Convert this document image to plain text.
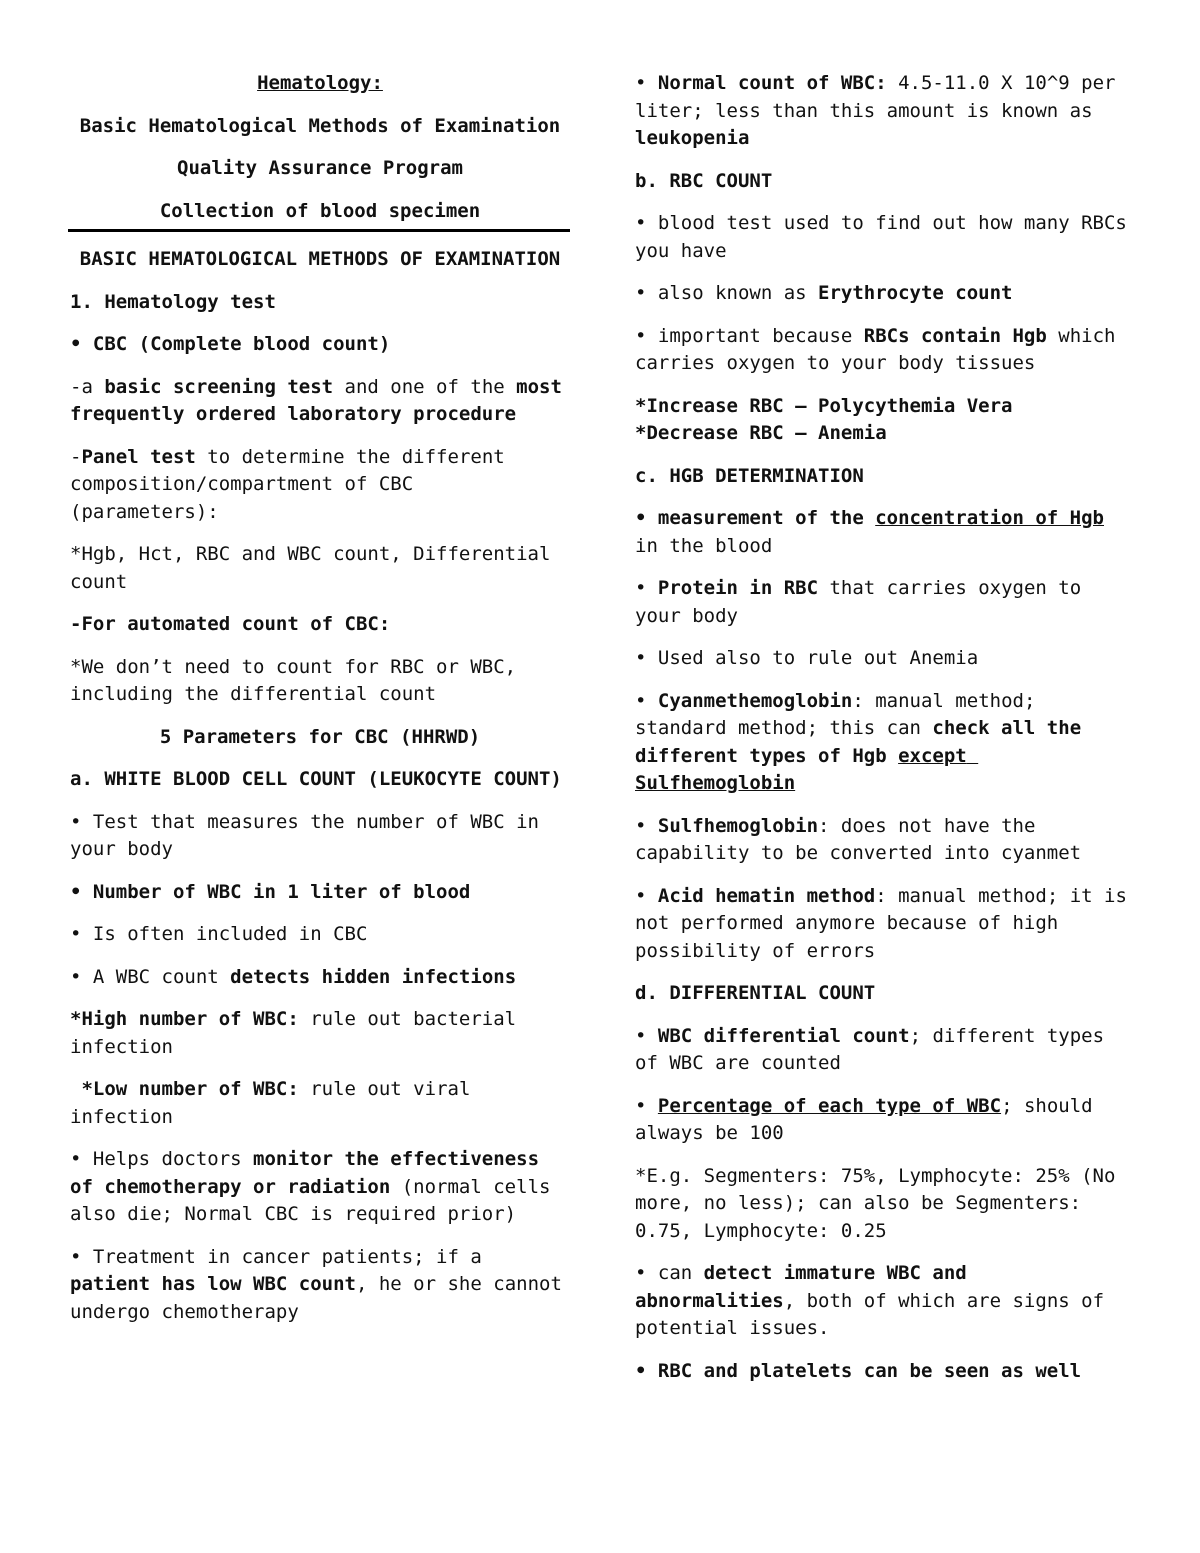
Hematology:

Basic Hematological Methods of Examination

Quality Assurance Program

Collection of blood specimen

BASIC HEMATOLOGICAL METHODS OF EXAMINATION

1. Hematology test

• CBC (Complete blood count)

-a basic screening test and one of the most frequently ordered laboratory procedure

-Panel test to determine the different composition/compartment of CBC (parameters):

*Hgb, Hct, RBC and WBC count, Differential count

-For automated count of CBC:

*We don’t need to count for RBC or WBC, including the differential count

5 Parameters for CBC (HHRWD)

a. WHITE BLOOD CELL COUNT (LEUKOCYTE COUNT)

• Test that measures the number of WBC in your body

• Number of WBC in 1 liter of blood

• Is often included in CBC

• A WBC count detects hidden infections

*High number of WBC: rule out bacterial infection

*Low number of WBC: rule out viral infection

• Helps doctors monitor the effectiveness of chemotherapy or radiation (normal cells also die; Normal CBC is required prior)

• Treatment in cancer patients; if a patient has low WBC count, he or she cannot undergo chemotherapy

• Normal count of WBC: 4.5-11.0 X 10^9 per liter; less than this amount is known as leukopenia

b. RBC COUNT

• blood test used to find out how many RBCs you have

• also known as Erythrocyte count

• important because RBCs contain Hgb which carries oxygen to your body tissues

*Increase RBC – Polycythemia Vera
*Decrease RBC – Anemia

c. HGB DETERMINATION

• measurement of the concentration of Hgb in the blood

• Protein in RBC that carries oxygen to your body

• Used also to rule out Anemia

• Cyanmethemoglobin: manual method; standard method; this can check all the different types of Hgb except Sulfhemoglobin

• Sulfhemoglobin: does not have the capability to be converted into cyanmet

• Acid hematin method: manual method; it is not performed anymore because of high possibility of errors

d. DIFFERENTIAL COUNT

• WBC differential count; different types of WBC are counted

• Percentage of each type of WBC; should always be 100

*E.g. Segmenters: 75%, Lymphocyte: 25% (No more, no less); can also be Segmenters: 0.75, Lymphocyte: 0.25

• can detect immature WBC and abnormalities, both of which are signs of potential issues.

• RBC and platelets can be seen as well
